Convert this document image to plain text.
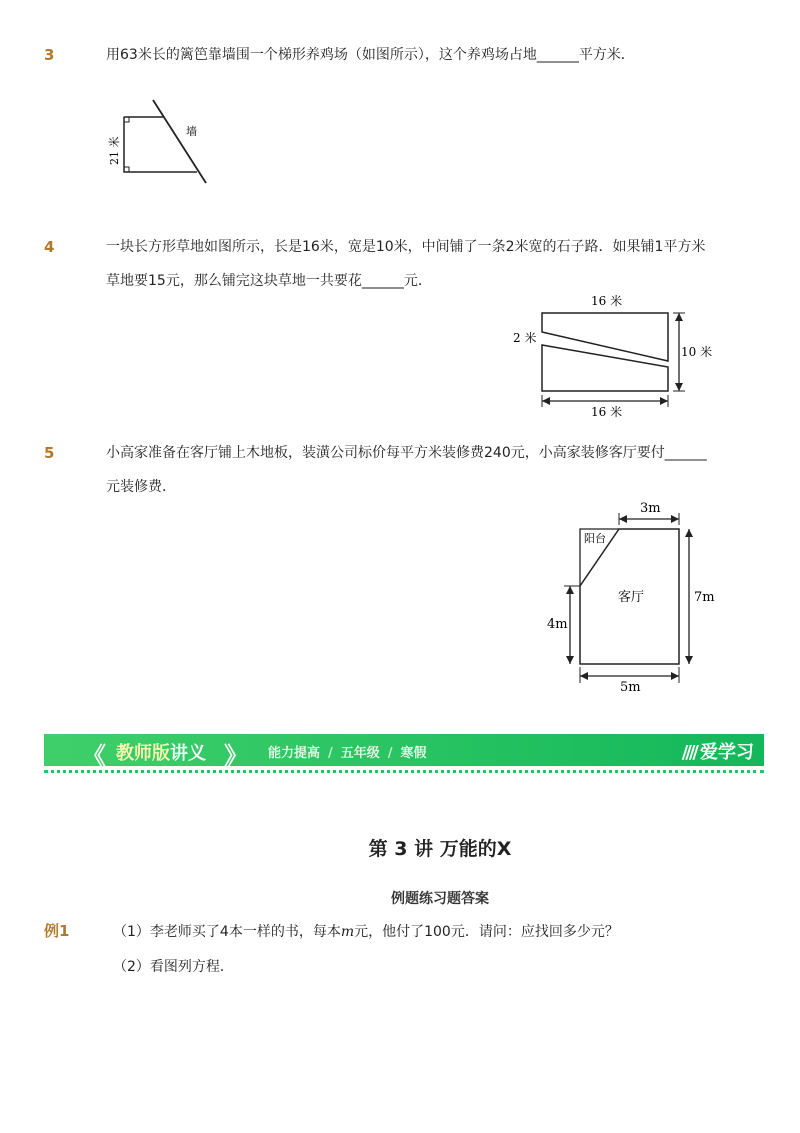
3	用63米长的篱笆靠墙围一个梯形养鸡场（如图所示），这个养鸡场占地______平方米．
21 米
墙
4	一块长方形草地如图所示，长是16米，宽是10米，中间铺了一条2米宽的石子路．如果铺1平方米
草地要15元，那么铺完这块草地一共要花______元．
16 米
2 米
10 米
16 米
5	小高家准备在客厅铺上木地板，装潢公司标价每平方米装修费240元，小高家装修客厅要付______
元装修费．
3m
阳台
客厅	7m
4m
5m
《 教师版讲义 》 能力提高 / 五年级 / 寒假	//// 爱学习
第 3 讲 万能的X
例题练习题答案
例1	（1）李老师买了4本一样的书，每本m元，他付了100元．请问：应找回多少元？
（2）看图列方程．
